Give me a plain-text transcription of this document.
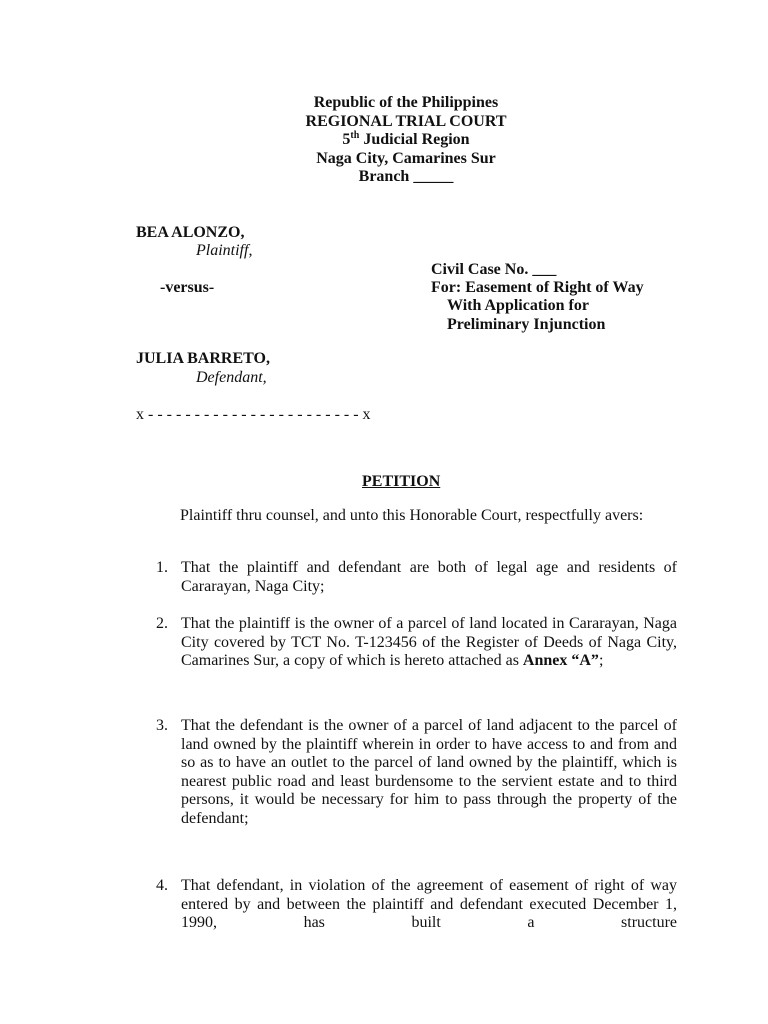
Republic of the Philippines
REGIONAL TRIAL COURT
5th Judicial Region
Naga City, Camarines Sur
Branch _____
BEA ALONZO,
Plaintiff,
Civil Case No. ___
-versus-	For: Easement of Right of Way
With Application for
Preliminary Injunction
JULIA BARRETO,
Defendant,
x - - - - - - - - - - - - - - - - - - - - - - - x
PETITION
Plaintiff thru counsel, and unto this Honorable Court, respectfully avers:
1. That the plaintiff and defendant are both of legal age and residents of Cararayan, Naga City;
2. That the plaintiff is the owner of a parcel of land located in Cararayan, Naga City covered by TCT No. T-123456 of the Register of Deeds of Naga City, Camarines Sur, a copy of which is hereto attached as Annex “A”;
3. That the defendant is the owner of a parcel of land adjacent to the parcel of land owned by the plaintiff wherein in order to have access to and from and so as to have an outlet to the parcel of land owned by the plaintiff, which is nearest public road and least burdensome to the servient estate and to third persons, it would be necessary for him to pass through the property of the defendant;
4. That defendant, in violation of the agreement of easement of right of way entered by and between the plaintiff and defendant executed December 1, 1990, has built a structure
